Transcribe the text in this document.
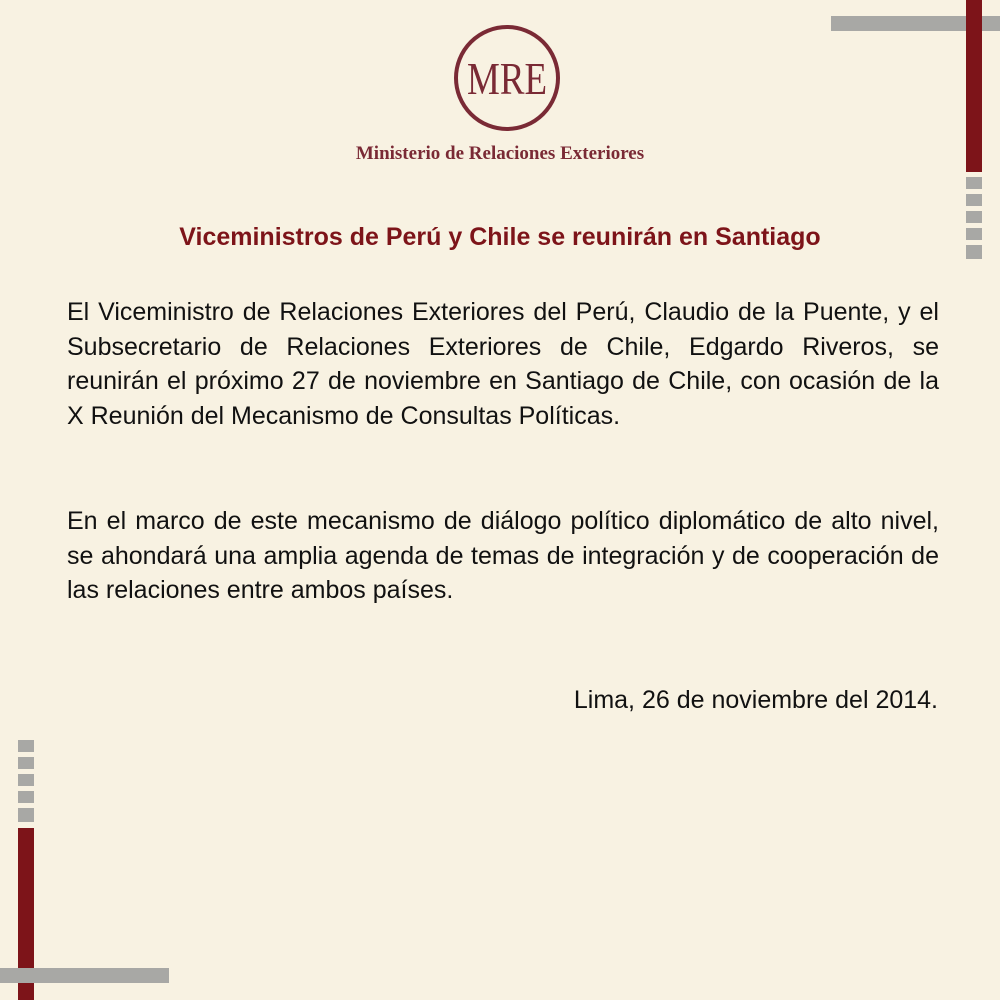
MRE
Ministerio de Relaciones Exteriores
Viceministros de Perú y Chile se reunirán en Santiago

El Viceministro de Relaciones Exteriores del Perú, Claudio de la Puente, y el Subsecretario de Relaciones Exteriores de Chile, Edgardo Riveros, se reunirán el próximo 27 de noviembre en Santiago de Chile, con ocasión de la X Reunión del Mecanismo de Consultas Políticas.

En el marco de este mecanismo de diálogo político diplomático de alto nivel, se ahondará una amplia agenda de temas de integración y de cooperación de las relaciones entre ambos países.

Lima, 26 de noviembre del 2014.
